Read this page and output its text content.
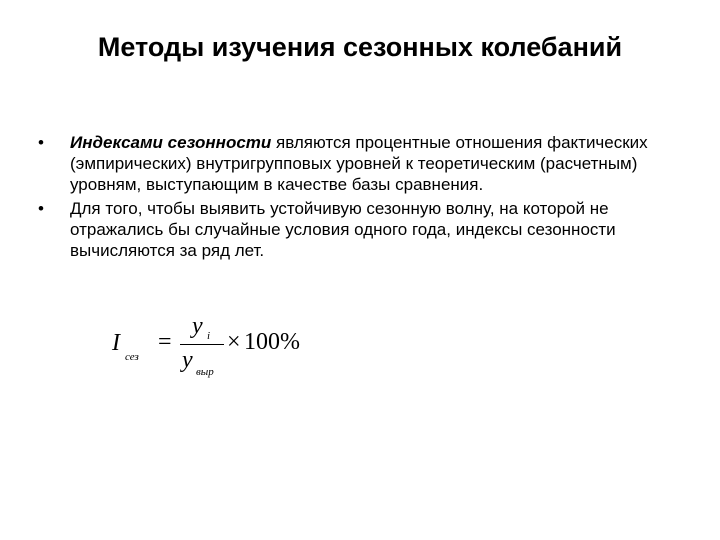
Методы изучения сезонных колебаний
•	Индексами сезонности являются процентные отношения фактических (эмпирических) внутригрупповых уровней к теоретическим (расчетным) уровням, выступающим в качестве базы сравнения.
•	Для того, чтобы выявить устойчивую сезонную волну, на которой не отражались бы случайные условия одного года, индексы сезонности вычисляются за ряд лет.
I
сез
=
y i
y выр
× 100%
